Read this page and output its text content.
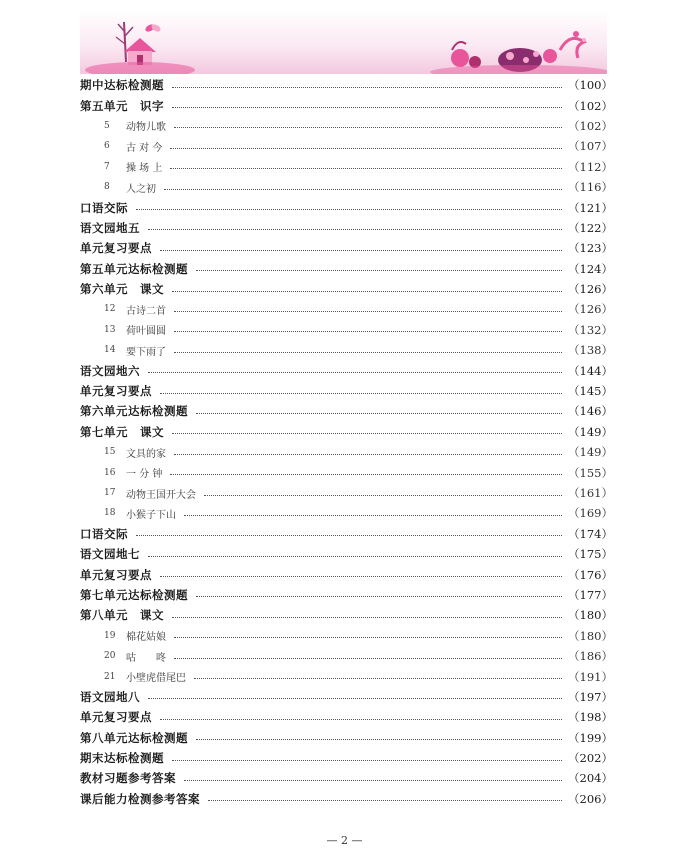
期中达标检测题	（100）
第五单元　识字	（102）
5	动物儿歌	（102）
6	古 对 今	（107）
7	操 场 上	（112）
8	人之初	（116）
口语交际	（121）
语文园地五	（122）
单元复习要点	（123）
第五单元达标检测题	（124）
第六单元　课文	（126）
12	古诗二首	（126）
13	荷叶圆圆	（132）
14	要下雨了	（138）
语文园地六	（144）
单元复习要点	（145）
第六单元达标检测题	（146）
第七单元　课文	（149）
15	文具的家	（149）
16	一 分 钟	（155）
17	动物王国开大会	（161）
18	小猴子下山	（169）
口语交际	（174）
语文园地七	（175）
单元复习要点	（176）
第七单元达标检测题	（177）
第八单元　课文	（180）
19	棉花姑娘	（180）
20	咕　　咚	（186）
21	小壁虎借尾巴	（191）
语文园地八	（197）
单元复习要点	（198）
第八单元达标检测题	（199）
期末达标检测题	（202）
教材习题参考答案	（204）
课后能力检测参考答案	（206）
— 2 —
